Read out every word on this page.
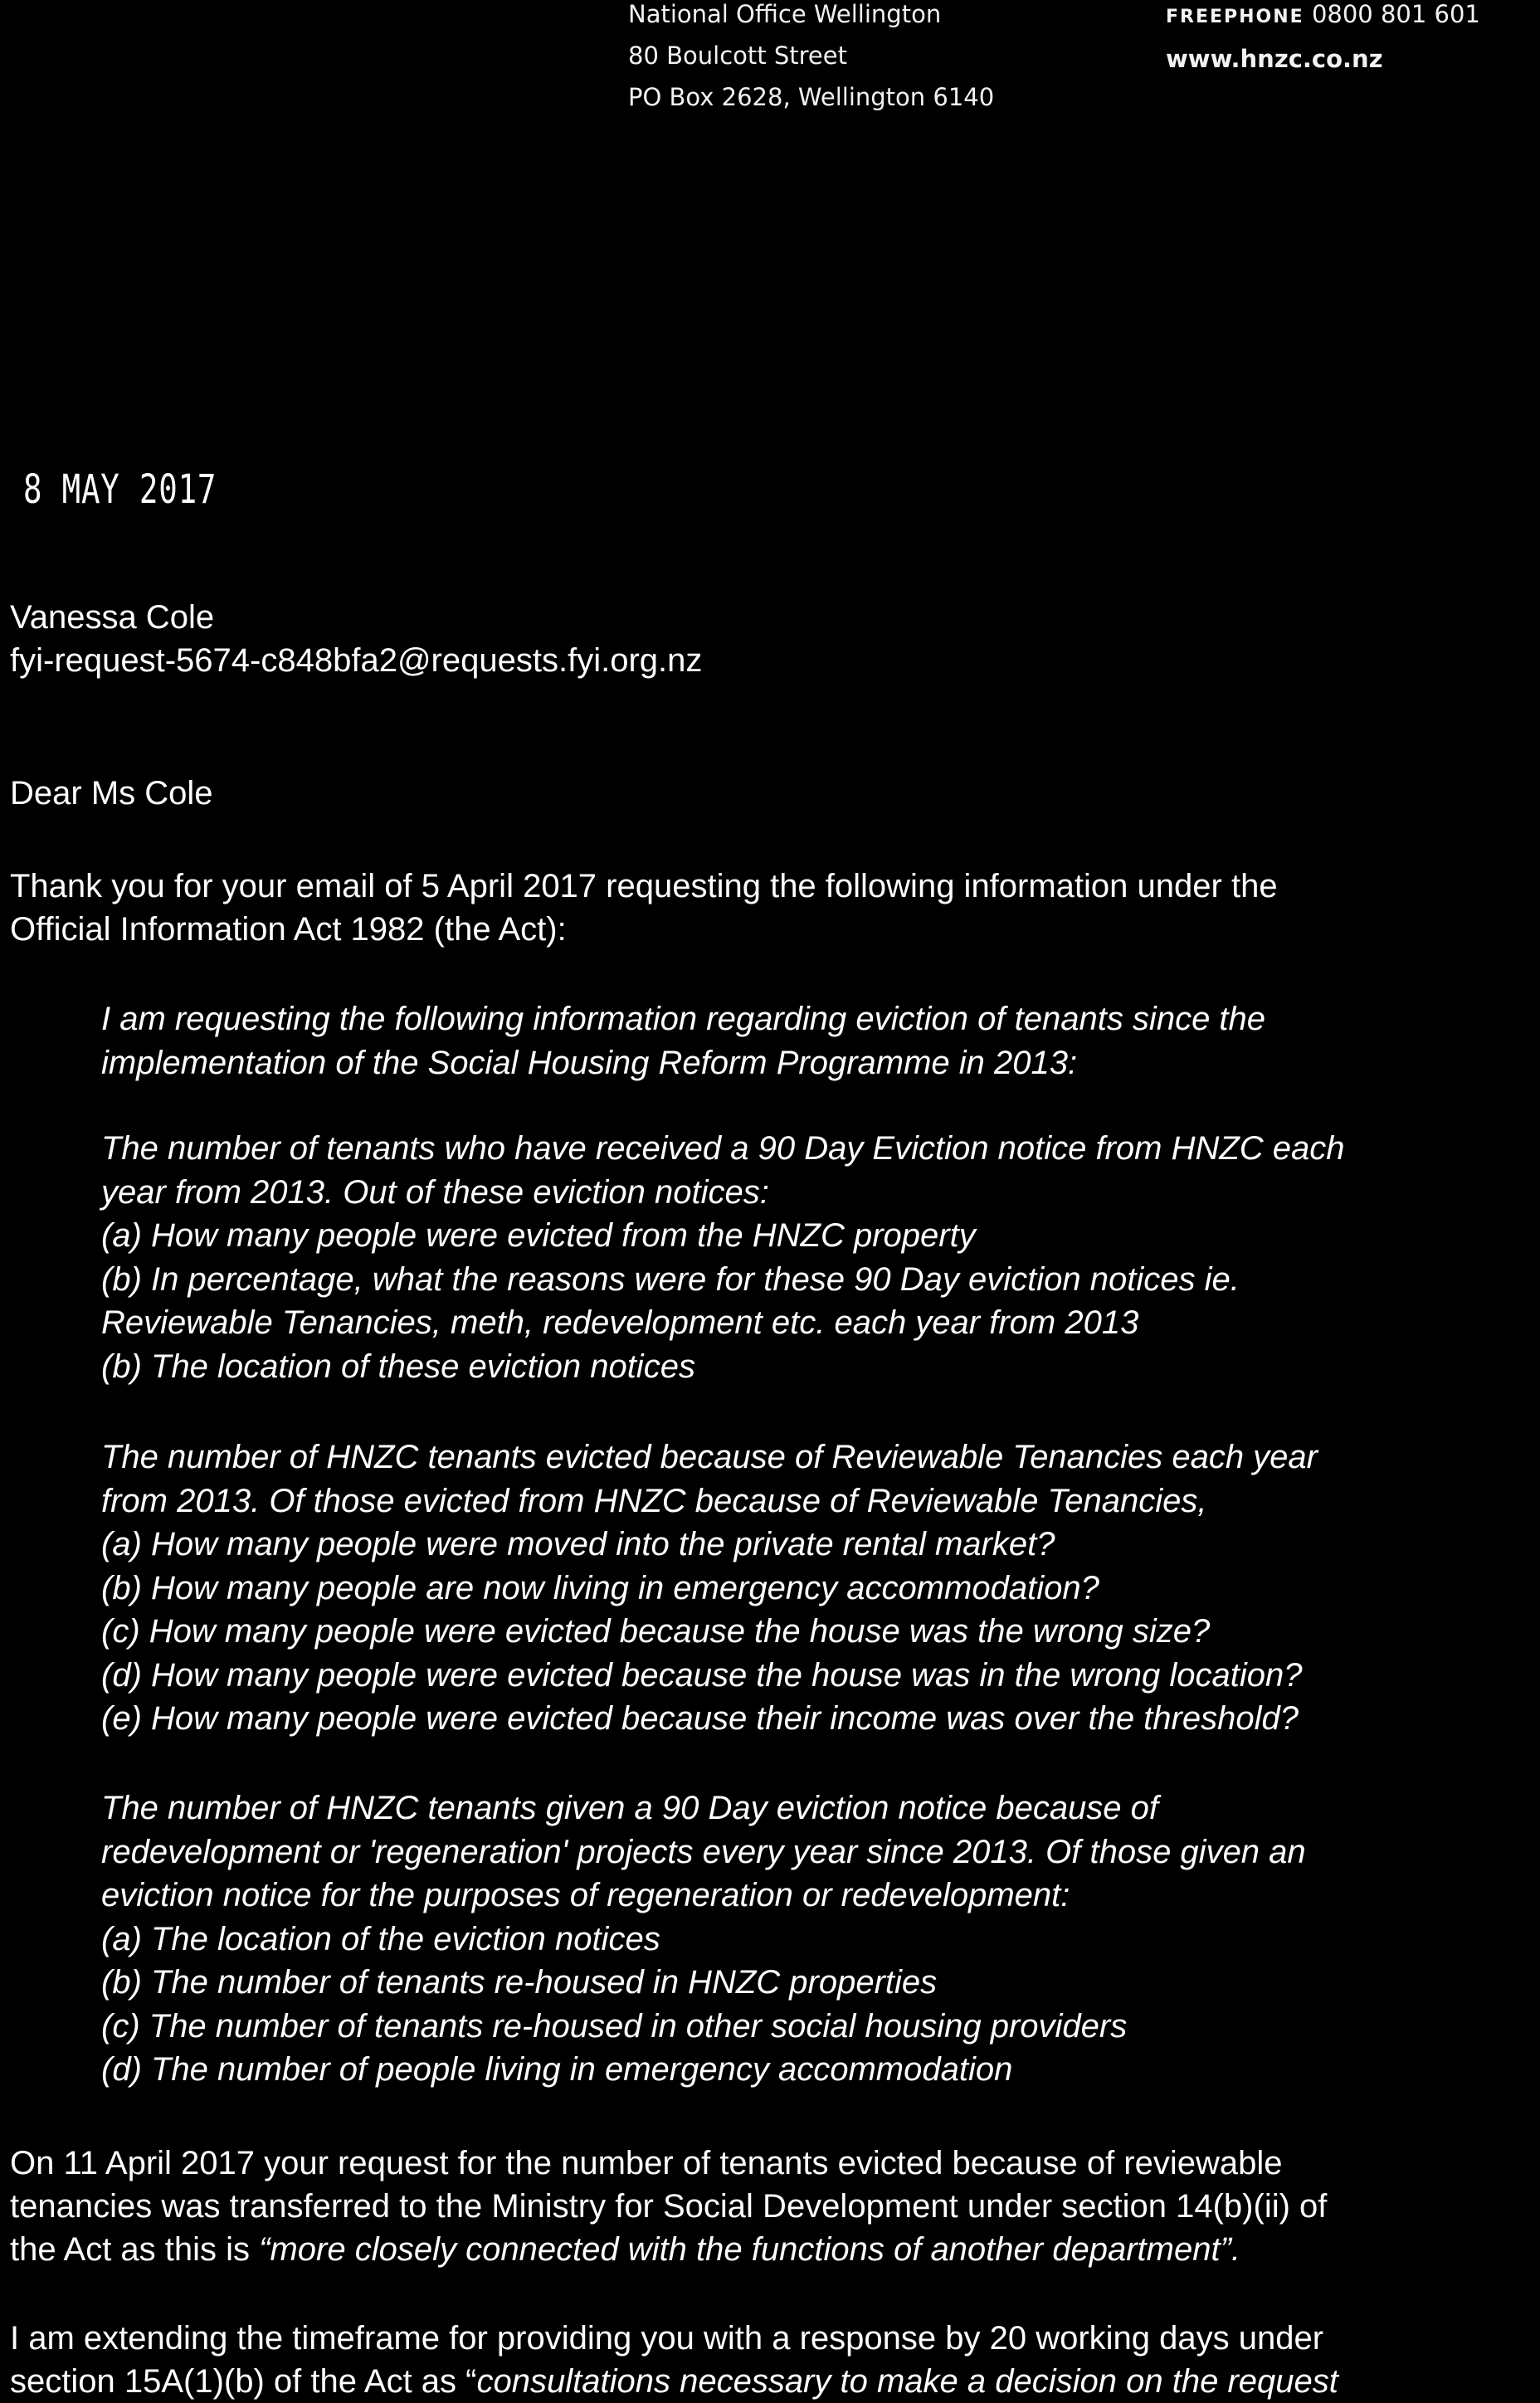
National Office Wellington
80 Boulcott Street
PO Box 2628, Wellington 6140
FREEPHONE 0800 801 601
www.hnzc.co.nz
8 MAY 2017
Vanessa Cole
fyi-request-5674-c848bfa2@requests.fyi.org.nz
Dear Ms Cole
Thank you for your email of 5 April 2017 requesting the following information under the
Official Information Act 1982 (the Act):
I am requesting the following information regarding eviction of tenants since the
implementation of the Social Housing Reform Programme in 2013:
The number of tenants who have received a 90 Day Eviction notice from HNZC each
year from 2013. Out of these eviction notices:
(a) How many people were evicted from the HNZC property
(b) In percentage, what the reasons were for these 90 Day eviction notices ie.
Reviewable Tenancies, meth, redevelopment etc. each year from 2013
(b) The location of these eviction notices
The number of HNZC tenants evicted because of Reviewable Tenancies each year
from 2013. Of those evicted from HNZC because of Reviewable Tenancies,
(a) How many people were moved into the private rental market?
(b) How many people are now living in emergency accommodation?
(c) How many people were evicted because the house was the wrong size?
(d) How many people were evicted because the house was in the wrong location?
(e) How many people were evicted because their income was over the threshold?
The number of HNZC tenants given a 90 Day eviction notice because of
redevelopment or 'regeneration' projects every year since 2013. Of those given an
eviction notice for the purposes of regeneration or redevelopment:
(a) The location of the eviction notices
(b) The number of tenants re-housed in HNZC properties
(c) The number of tenants re-housed in other social housing providers
(d) The number of people living in emergency accommodation
On 11 April 2017 your request for the number of tenants evicted because of reviewable
tenancies was transferred to the Ministry for Social Development under section 14(b)(ii) of
the Act as this is “more closely connected with the functions of another department”.
I am extending the timeframe for providing you with a response by 20 working days under
section 15A(1)(b) of the Act as “consultations necessary to make a decision on the request
